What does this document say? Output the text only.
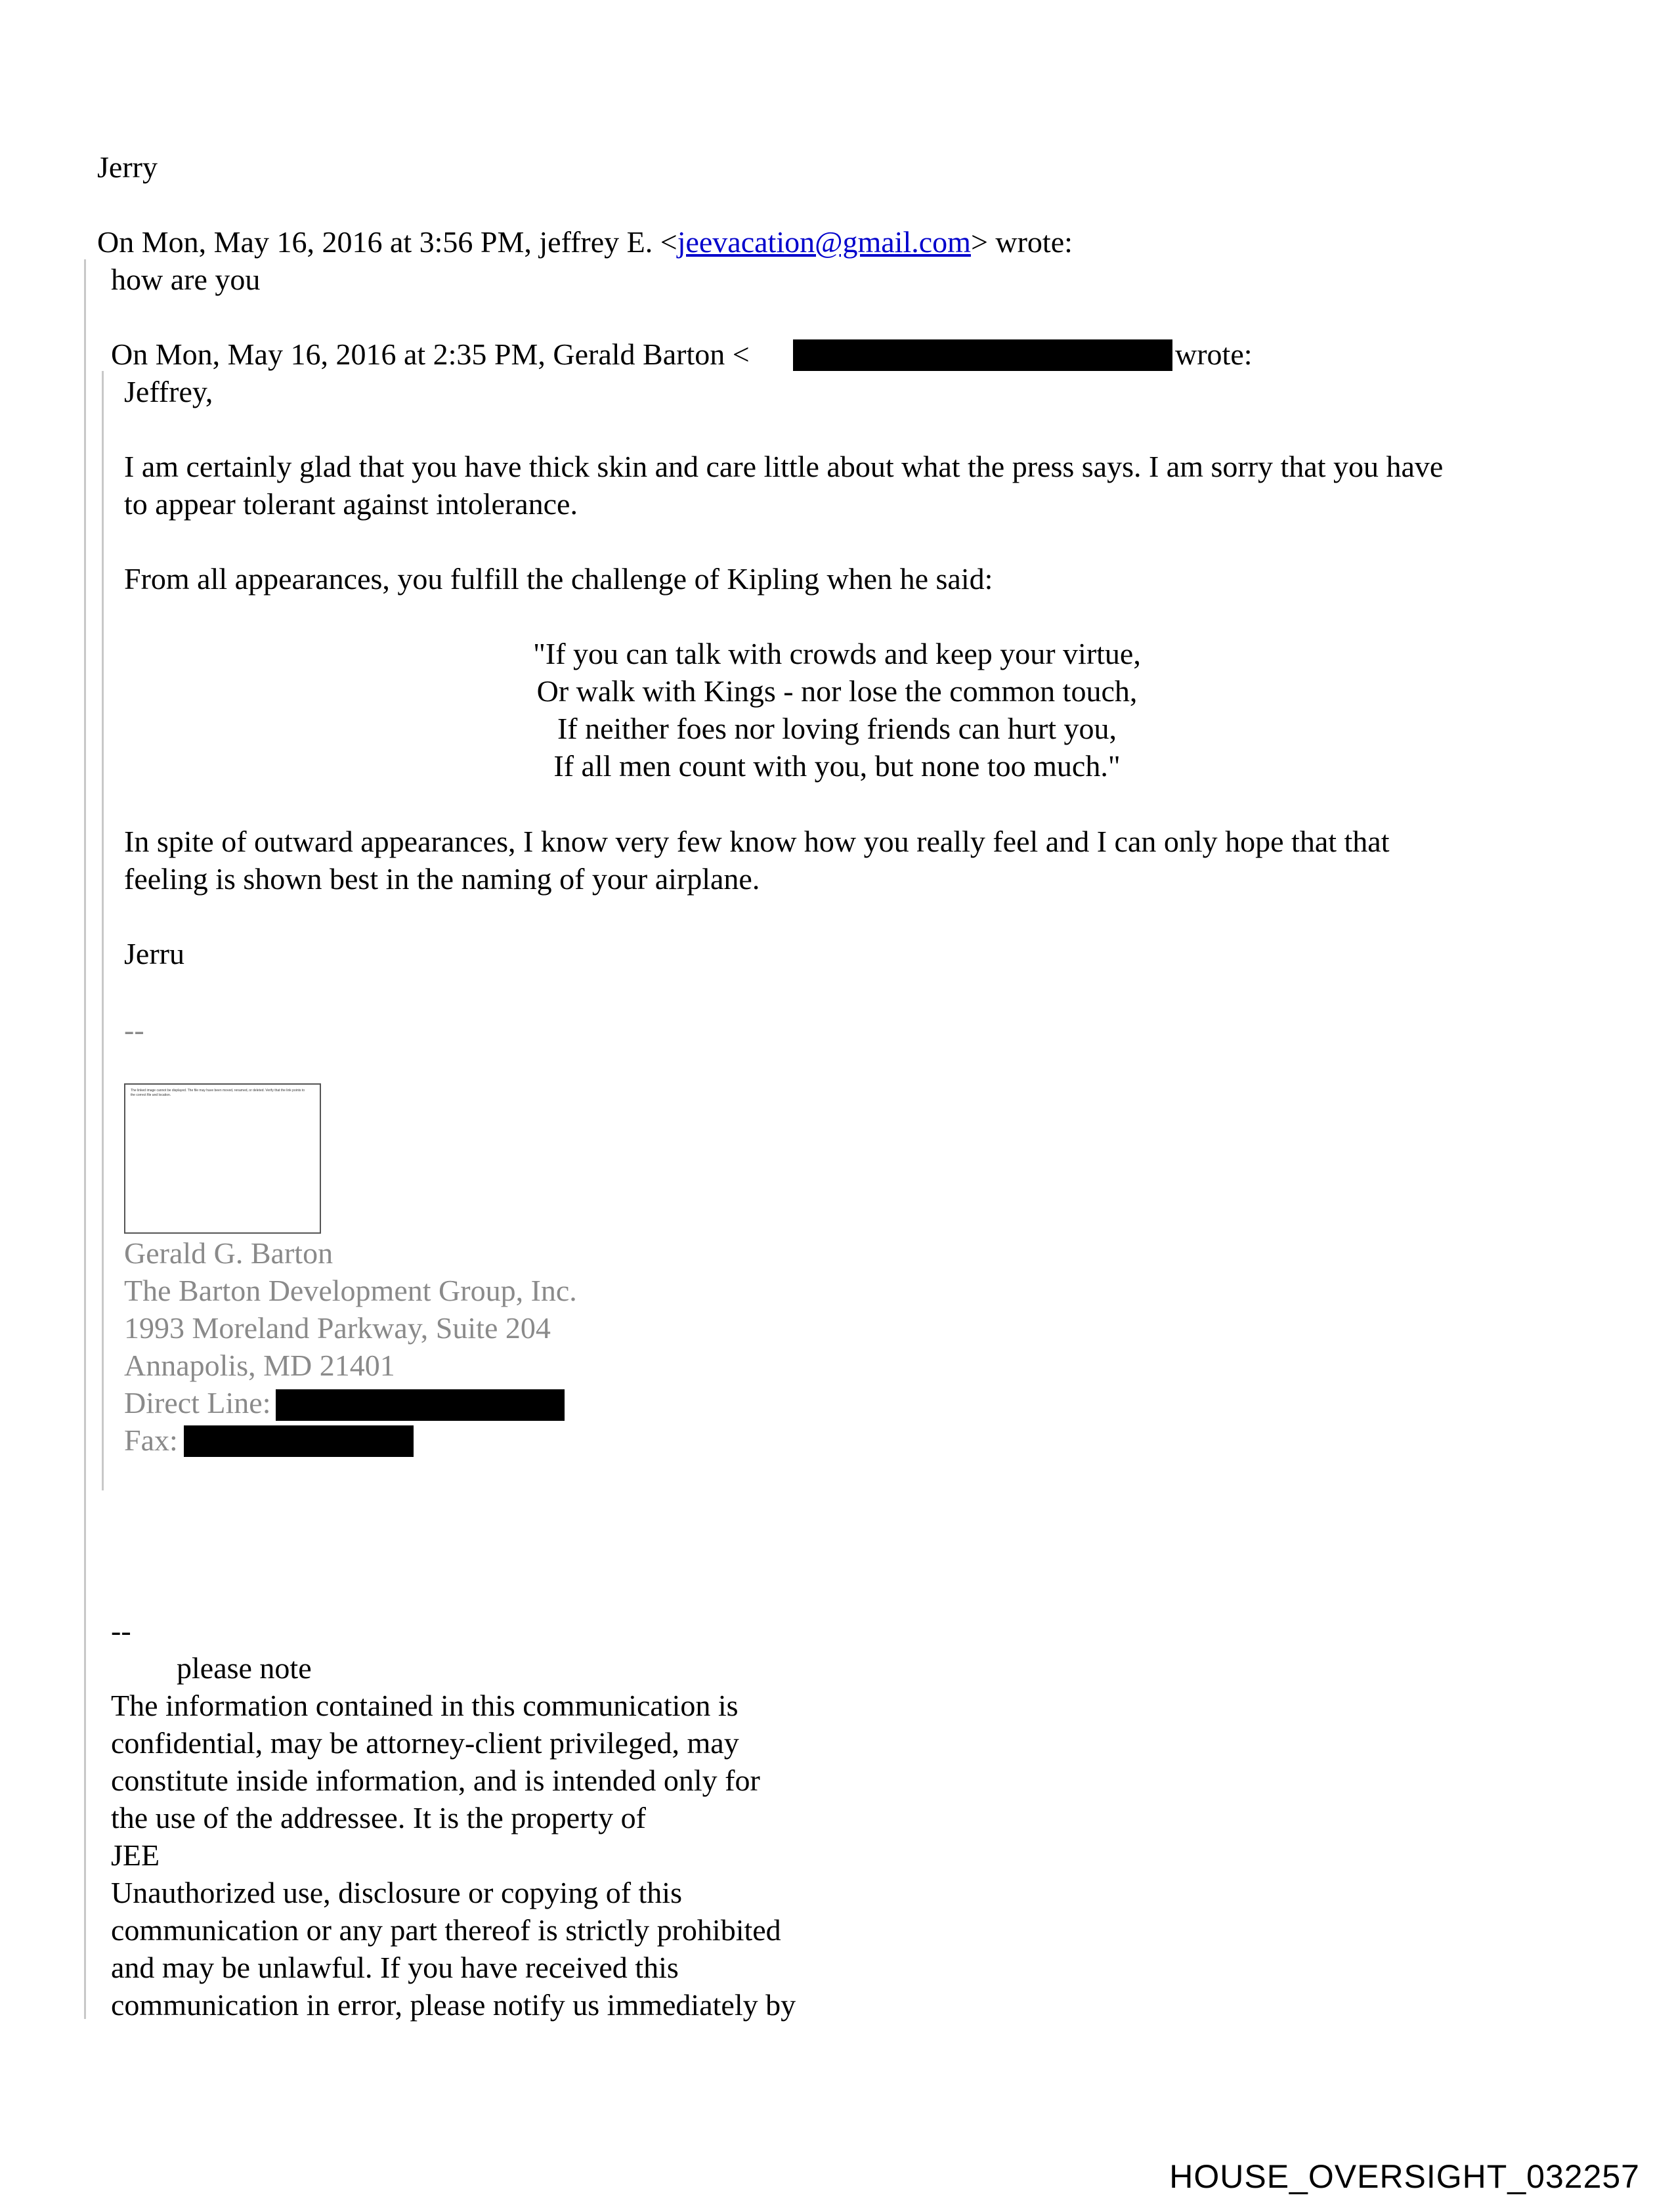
Jerry
On Mon, May 16, 2016 at 3:56 PM, jeffrey E. <jeevacation@gmail.com> wrote:
how are you
On Mon, May 16, 2016 at 2:35 PM, Gerald Barton <	wrote:
Jeffrey,
I am certainly glad that you have thick skin and care little about what the press says. I am sorry that you have
to appear tolerant against intolerance.
From all appearances, you fulfill the challenge of Kipling when he said:
"If you can talk with crowds and keep your virtue,
Or walk with Kings - nor lose the common touch,
If neither foes nor loving friends can hurt you,
If all men count with you, but none too much."
In spite of outward appearances, I know very few know how you really feel and I can only hope that that
feeling is shown best in the naming of your airplane.
Jerru
--
The linked image cannot be displayed. The file may have been moved, renamed, or deleted. Verify that the link points to the correct file and location.
Gerald G. Barton
The Barton Development Group, Inc.
1993 Moreland Parkway, Suite 204
Annapolis, MD 21401
Direct Line:
Fax:
--
please note
The information contained in this communication is
confidential, may be attorney-client privileged, may
constitute inside information, and is intended only for
the use of the addressee. It is the property of
JEE
Unauthorized use, disclosure or copying of this
communication or any part thereof is strictly prohibited
and may be unlawful. If you have received this
communication in error, please notify us immediately by
HOUSE_OVERSIGHT_032257
